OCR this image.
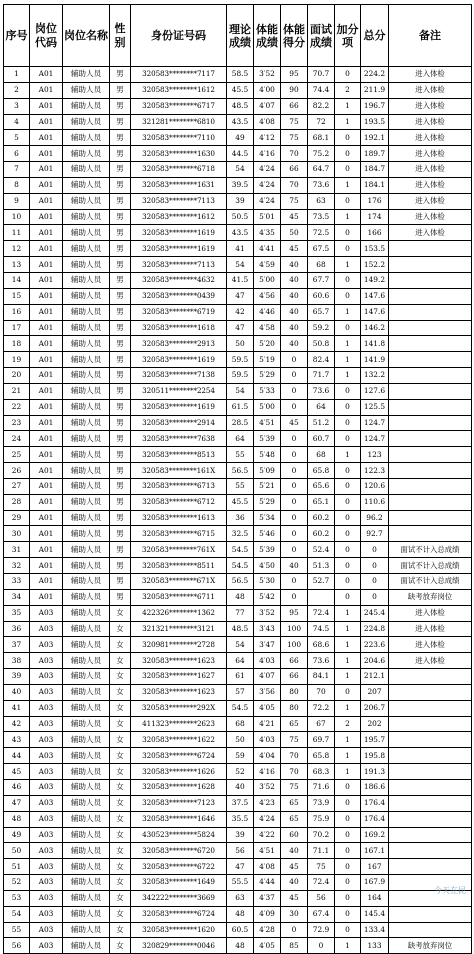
序号	岗位代码	岗位名称	性别	身份证号码	理论成绩	体能成绩	体能得分	面试成绩	加分项	总分	备注
1	A01	辅助人员	男	320583********7117	58.5	3′52	95	70.7	0	224.2	进入体检
2	A01	辅助人员	男	320583********1612	45.5	4′00	90	74.4	2	211.9	进入体检
3	A01	辅助人员	男	320583********6717	48.5	4′07	66	82.2	1	196.7	进入体检
4	A01	辅助人员	男	321281********6810	43.5	4′08	75	72	1	193.5	进入体检
5	A01	辅助人员	男	320583********7110	49	4′12	75	68.1	0	192.1	进入体检
6	A01	辅助人员	男	320583********1630	44.5	4′16	70	75.2	0	189.7	进入体检
7	A01	辅助人员	男	320583********6718	54	4′24	66	64.7	0	184.7	进入体检
8	A01	辅助人员	男	320583********1631	39.5	4′24	70	73.6	1	184.1	进入体检
9	A01	辅助人员	男	320583********7113	39	4′24	75	63	0	176	进入体检
10	A01	辅助人员	男	320583********1612	50.5	5′01	45	73.5	1	174	进入体检
11	A01	辅助人员	男	320583********1619	43.5	4′35	50	72.5	0	166	进入体检
12	A01	辅助人员	男	320583********1619	41	4′41	45	67.5	0	153.5	
13	A01	辅助人员	男	320583********7113	54	4′59	40	68	1	152.2	
14	A01	辅助人员	男	320583********4632	41.5	5′00	40	67.7	0	149.2	
15	A01	辅助人员	男	320583********0439	47	4′56	40	60.6	0	147.6	
16	A01	辅助人员	男	320583********6719	42	4′46	40	65.7	1	147.6	
17	A01	辅助人员	男	320583********1618	47	4′58	40	59.2	0	146.2	
18	A01	辅助人员	男	320583********2913	50	5′20	40	50.8	1	141.8	
19	A01	辅助人员	男	320583********1619	59.5	5′19	0	82.4	1	141.9	
20	A01	辅助人员	男	320583********7138	59.5	5′29	0	71.7	1	132.2	
21	A01	辅助人员	男	320511********2254	54	5′33	0	73.6	0	127.6	
22	A01	辅助人员	男	320583********1619	61.5	5′00	0	64	0	125.5	
23	A01	辅助人员	男	320583********2914	28.5	4′51	45	51.2	0	124.7	
24	A01	辅助人员	男	320583********7638	64	5′39	0	60.7	0	124.7	
25	A01	辅助人员	男	320583********8513	55	5′48	0	68	1	123	
26	A01	辅助人员	男	320583********161X	56.5	5′09	0	65.8	0	122.3	
27	A01	辅助人员	男	320583********6713	55	5′21	0	65.6	0	120.6	
28	A01	辅助人员	男	320583********6712	45.5	5′29	0	65.1	0	110.6	
29	A01	辅助人员	男	320583********1613	36	5′34	0	60.2	0	96.2	
30	A01	辅助人员	男	320583********6715	32.5	5′46	0	60.2	0	92.7	
31	A01	辅助人员	男	320583********761X	54.5	5′39	0	52.4	0	0	面试不计入总成绩
32	A01	辅助人员	男	320583********8511	54.5	4′50	40	51.3	0	0	面试不计入总成绩
33	A01	辅助人员	男	320583********671X	56.5	5′30	0	52.7	0	0	面试不计入总成绩
34	A01	辅助人员	男	320583********6711	48	5′42	0		0	0	缺考放弃岗位
35	A03	辅助人员	女	422326********1362	77	3′52	95	72.4	1	245.4	进入体检
36	A03	辅助人员	女	321321********3121	48.5	3′43	100	74.5	1	224.8	进入体检
37	A03	辅助人员	女	320981********2728	54	3′47	100	68.6	1	223.6	进入体检
38	A03	辅助人员	女	320583********1623	64	4′03	66	73.6	1	204.6	进入体检
39	A03	辅助人员	女	320583********1627	61	4′07	66	84.1	1	212.1	
40	A03	辅助人员	女	320583********1623	57	3′56	80	70	0	207	
41	A03	辅助人员	女	320583********292X	54.5	4′05	80	72.2	1	206.7	
42	A03	辅助人员	女	411323********2623	68	4′21	65	67	2	202	
43	A03	辅助人员	女	320583********1622	50	4′03	75	69.7	1	195.7	
44	A03	辅助人员	女	320583********6724	59	4′04	70	65.8	1	195.8	
45	A03	辅助人员	女	320583********1626	52	4′16	70	68.3	1	191.3	
46	A03	辅助人员	女	320583********1628	40	3′52	75	71.6	0	186.6	
47	A03	辅助人员	女	320583********7123	37.5	4′23	65	73.9	0	176.4	
48	A03	辅助人员	女	320583********1646	35.5	4′24	65	75.9	0	176.4	
49	A03	辅助人员	女	430523********5824	39	4′22	60	70.2	0	169.2	
50	A03	辅助人员	女	320583********6720	56	4′51	40	71.1	0	167.1	
51	A03	辅助人员	女	320583********6722	47	4′08	45	75	0	167	
52	A03	辅助人员	女	320583********1649	55.5	4′44	40	72.4	0	167.9	
53	A03	辅助人员	女	342222********3669	63	4′37	45	56	0	164	
54	A03	辅助人员	女	320583********6724	48	4′09	30	67.4	0	145.4	
55	A03	辅助人员	女	320583********1620	60.5	4′28	0	72.9	0	133.4	
56	A03	辅助人员	女	320829********0046	48	4′05	85	0	1	133	缺考放弃岗位
今天在昆
